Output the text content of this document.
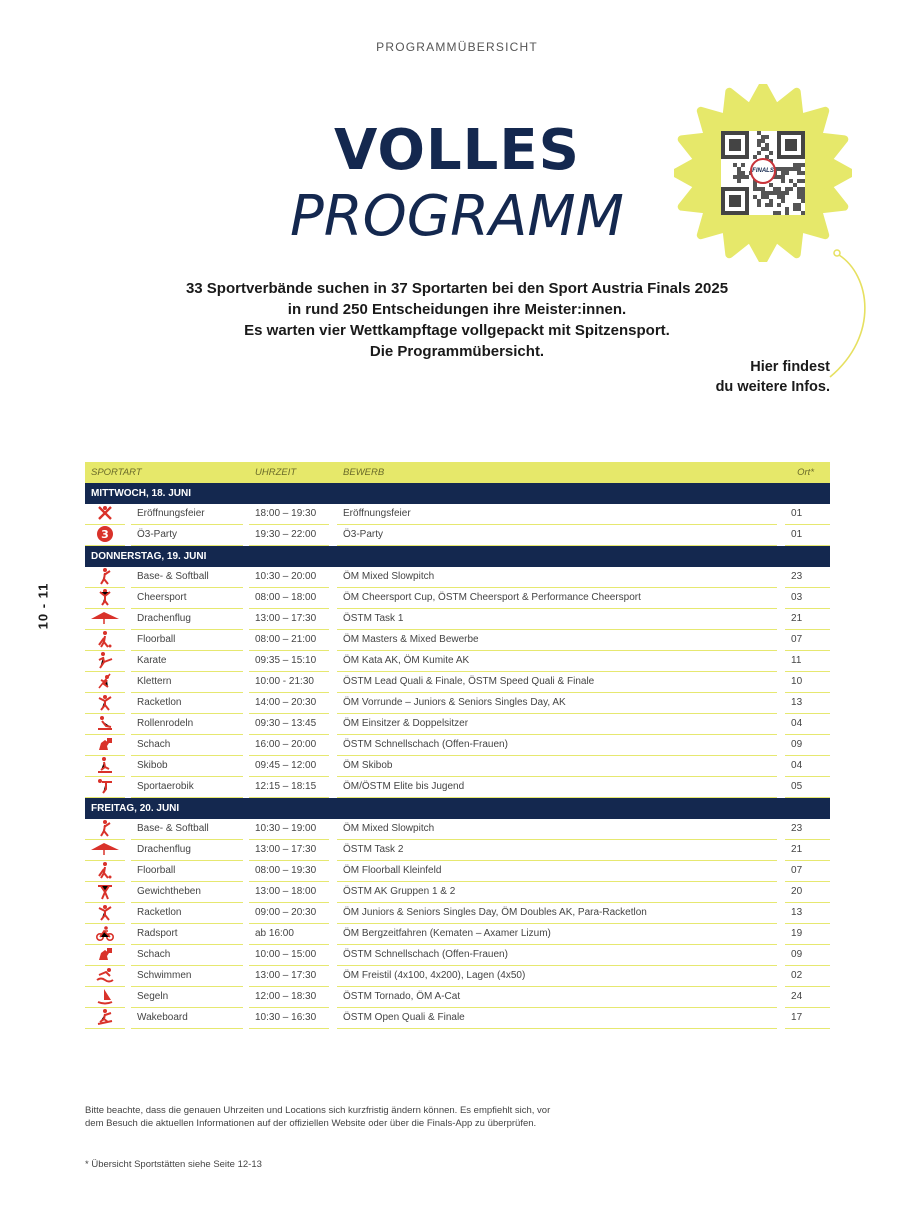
PROGRAMMÜBERSICHT
VOLLES
PROGRAMM
33 Sportverbände suchen in 37 Sportarten bei den Sport Austria Finals 2025
in rund 250 Entscheidungen ihre Meister:innen.
Es warten vier Wettkampftage vollgepackt mit Spitzensport.
Die Programmübersicht.
FINALS
Hier findest
du weitere Infos.
10 - 11
SPORTART				UHRZEIT		BEWERB		Ort*
MITTWOCH, 18. JUNI								

Eröffnungsfeier		18:00 – 19:30		Eröffnungsfeier		01

3		Ö3-Party		19:30 – 22:00		Ö3-Party		01

DONNERSTAG, 19. JUNI								

Base- & Softball		10:30 – 20:00		ÖM Mixed Slowpitch		23

Cheersport		08:00 – 18:00		ÖM Cheersport Cup, ÖSTM Cheersport & Performance Cheersport		03

Drachenflug		13:00 – 17:30		ÖSTM Task 1		21

Floorball		08:00 – 21:00		ÖM Masters & Mixed Bewerbe		07

Karate		09:35 – 15:10		ÖM Kata AK, ÖM Kumite AK		11

Klettern		10:00 - 21:30		ÖSTM Lead Quali & Finale, ÖSTM Speed Quali & Finale		10

Racketlon		14:00 – 20:30		ÖM Vorrunde – Juniors & Seniors Singles Day, AK		13

Rollenrodeln		09:30 – 13:45		ÖM Einsitzer & Doppelsitzer		04

Schach		16:00 – 20:00		ÖSTM Schnellschach (Offen-Frauen)		09

Skibob		09:45 – 12:00		ÖM Skibob		04

Sportaerobik		12:15 – 18:15		ÖM/ÖSTM Elite bis Jugend		05

FREITAG, 20. JUNI								

Base- & Softball		10:30 – 19:00		ÖM Mixed Slowpitch		23

Drachenflug		13:00 – 17:30		ÖSTM Task 2		21

Floorball		08:00 – 19:30		ÖM Floorball Kleinfeld		07

Gewichtheben		13:00 – 18:00		ÖSTM AK Gruppen 1 & 2		20

Racketlon		09:00 – 20:30		ÖM Juniors & Seniors Singles Day, ÖM Doubles AK, Para-Racketlon		13

Radsport		ab 16:00		ÖM Bergzeitfahren (Kematen – Axamer Lizum)		19

Schach		10:00 – 15:00		ÖSTM Schnellschach (Offen-Frauen)		09

Schwimmen		13:00 – 17:30		ÖM Freistil (4x100, 4x200), Lagen (4x50)		02

Segeln		12:00 – 18:30		ÖSTM Tornado, ÖM A-Cat		24

Wakeboard		10:30 – 16:30		ÖSTM Open Quali & Finale		17
Bitte beachte, dass die genauen Uhrzeiten und Locations sich kurzfristig ändern können. Es empfiehlt sich, vor
dem Besuch die aktuellen Informationen auf der offiziellen Website oder über die Finals-App zu überprüfen.
* Übersicht Sportstätten siehe Seite 12-13
